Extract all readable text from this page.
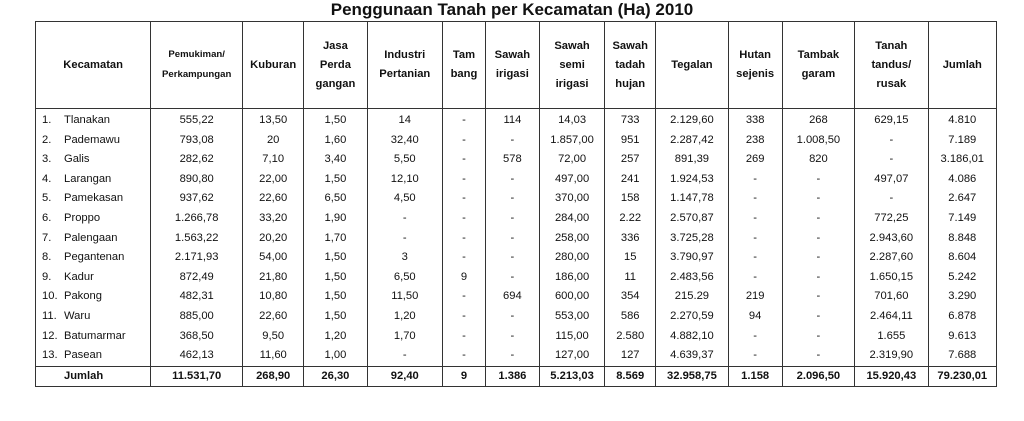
Penggunaan Tanah per Kecamatan (Ha) 2010
Kecamatan	Pemukiman/ Perkampungan	Kuburan	Jasa Perda gangan	Industri Pertanian	Tam bang	Sawah irigasi	Sawah semi irigasi	Sawah tadah hujan	Tegalan	Hutan sejenis	Tambak garam	Tanah tandus/ rusak	Jumlah
1. Tlanakan	555,22	13,50	1,50	14	-	114	14,03	733	2.129,60	338	268	629,15	4.810
2. Pademawu	793,08	20	1,60	32,40	-	-	1.857,00	951	2.287,42	238	1.008,50	-	7.189
3. Galis	282,62	7,10	3,40	5,50	-	578	72,00	257	891,39	269	820	-	3.186,01
4. Larangan	890,80	22,00	1,50	12,10	-	-	497,00	241	1.924,53	-	-	497,07	4.086
5. Pamekasan	937,62	22,60	6,50	4,50	-	-	370,00	158	1.147,78	-	-	-	2.647
6. Proppo	1.266,78	33,20	1,90	-	-	-	284,00	2.22	2.570,87	-	-	772,25	7.149
7. Palengaan	1.563,22	20,20	1,70	-	-	-	258,00	336	3.725,28	-	-	2.943,60	8.848
8. Pegantenan	2.171,93	54,00	1,50	3	-	-	280,00	15	3.790,97	-	-	2.287,60	8.604
9. Kadur	872,49	21,80	1,50	6,50	9	-	186,00	11	2.483,56	-	-	1.650,15	5.242
10. Pakong	482,31	10,80	1,50	11,50	-	694	600,00	354	215.29	219	-	701,60	3.290
11. Waru	885,00	22,60	1,50	1,20	-	-	553,00	586	2.270,59	94	-	2.464,11	6.878
12. Batumarmar	368,50	9,50	1,20	1,70	-	-	115,00	2.580	4.882,10	-	-	1.655	9.613
13. Pasean	462,13	11,60	1,00	-	-	-	127,00	127	4.639,37	-	-	2.319,90	7.688
Jumlah	11.531,70	268,90	26,30	92,40	9	1.386	5.213,03	8.569	32.958,75	1.158	2.096,50	15.920,43	79.230,01
